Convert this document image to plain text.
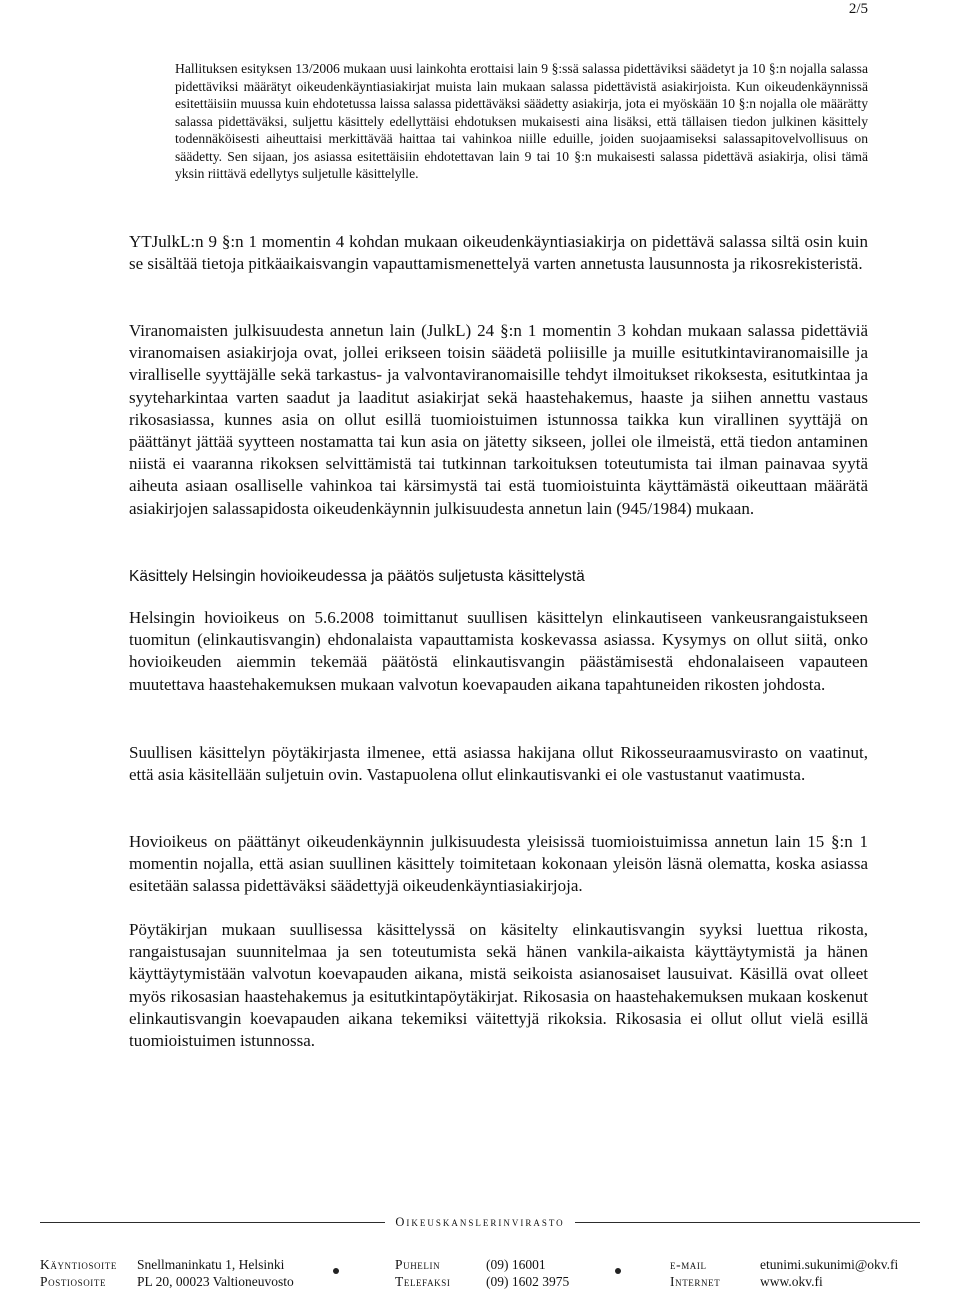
2/5

Hallituksen esityksen 13/2006 mukaan uusi lainkohta erottaisi lain 9 §:ssä salassa pidettäviksi säädetyt ja 10 §:n nojalla salassa pidettäviksi määrätyt oikeudenkäyntiasiakirjat muista lain mukaan salassa pidettävistä asiakirjoista. Kun oikeudenkäynnissä esitettäisiin muussa kuin ehdotetussa laissa salassa pidettäväksi säädetty asiakirja, jota ei myöskään 10 §:n nojalla ole määrätty salassa pidettäväksi, suljettu käsittely edellyttäisi ehdotuksen mukaisesti aina lisäksi, että tällaisen tiedon julkinen käsittely todennäköisesti aiheuttaisi merkittävää haittaa tai vahinkoa niille eduille, joiden suojaamiseksi salassapitovelvollisuus on säädetty. Sen sijaan, jos asiassa esitettäisiin ehdotettavan lain 9 tai 10 §:n mukaisesti salassa pidettävä asiakirja, olisi tämä yksin riittävä edellytys suljetulle käsittelylle.

YTJulkL:n 9 §:n 1 momentin 4 kohdan mukaan oikeudenkäyntiasiakirja on pidettävä salassa siltä osin kuin se sisältää tietoja pitkäaikaisvangin vapauttamismenettelyä varten annetusta lausunnosta ja rikosrekisteristä.

Viranomaisten julkisuudesta annetun lain (JulkL) 24 §:n 1 momentin 3 kohdan mukaan salassa pidettäviä viranomaisen asiakirjoja ovat, jollei erikseen toisin säädetä poliisille ja muille esitutkintaviranomaisille ja viralliselle syyttäjälle sekä tarkastus- ja valvontaviranomaisille tehdyt ilmoitukset rikoksesta, esitutkintaa ja syyteharkintaa varten saadut ja laaditut asiakirjat sekä haastehakemus, haaste ja siihen annettu vastaus rikosasiassa, kunnes asia on ollut esillä tuomioistuimen istunnossa taikka kun virallinen syyttäjä on päättänyt jättää syytteen nostamatta tai kun asia on jätetty sikseen, jollei ole ilmeistä, että tiedon antaminen niistä ei vaaranna rikoksen selvittämistä tai tutkinnan tarkoituksen toteutumista tai ilman painavaa syytä aiheuta asiaan osalliselle vahinkoa tai kärsimystä tai estä tuomioistuinta käyttämästä oikeuttaan määrätä asiakirjojen salassapidosta oikeudenkäynnin julkisuudesta annetun lain (945/1984) mukaan.

Käsittely Helsingin hovioikeudessa ja päätös suljetusta käsittelystä

Helsingin hovioikeus on 5.6.2008 toimittanut suullisen käsittelyn elinkautiseen vankeusrangaistukseen tuomitun (elinkautisvangin) ehdonalaista vapauttamista koskevassa asiassa. Kysymys on ollut siitä, onko hovioikeuden aiemmin tekemää päätöstä elinkautisvangin päästämisestä ehdonalaiseen vapauteen muutettava haastehakemuksen mukaan valvotun koevapauden aikana tapahtuneiden rikosten johdosta.

Suullisen käsittelyn pöytäkirjasta ilmenee, että asiassa hakijana ollut Rikosseuraamusvirasto on vaatinut, että asia käsitellään suljetuin ovin. Vastapuolena ollut elinkautisvanki ei ole vastustanut vaatimusta.

Hovioikeus on päättänyt oikeudenkäynnin julkisuudesta yleisissä tuomioistuimissa annetun lain 15 §:n 1 momentin nojalla, että asian suullinen käsittely toimitetaan kokonaan yleisön läsnä olematta, koska asiassa esitetään salassa pidettäväksi säädettyjä oikeudenkäyntiasiakirjoja.

Pöytäkirjan mukaan suullisessa käsittelyssä on käsitelty elinkautisvangin syyksi luettua rikosta, rangaistusajan suunnitelmaa ja sen toteutumista sekä hänen vankila-aikaista käyttäytymistä ja hänen käyttäytymistään valvotun koevapauden aikana, mistä seikoista asianosaiset lausuivat. Käsillä ovat olleet myös rikosasian haastehakemus ja esitutkintapöytäkirjat. Rikosasia on haastehakemuksen mukaan koskenut elinkautisvangin koevapauden aikana tekemiksi väitettyjä rikoksia. Rikosasia ei ollut ollut vielä esillä tuomioistuimen istunnossa.

Oikeuskanslerinvirasto
Käyntiosoite Snellmaninkatu 1, Helsinki
Postiosoite PL 20, 00023 Valtioneuvosto
Puhelin	(09) 16001
Telefaksi	(09) 1602 3975
e-mail	etunimi.sukunimi@okv.fi
Internet	www.okv.fi
